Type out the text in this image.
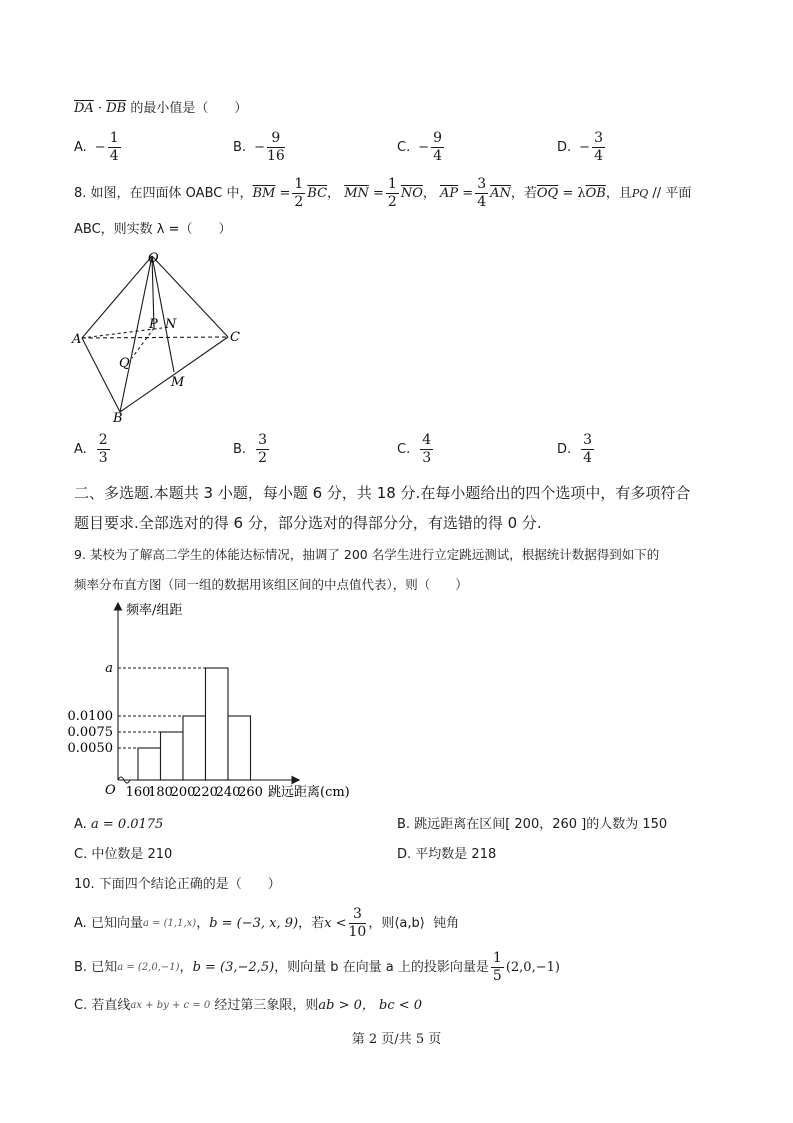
$\overline{DA} \cdot \overline{DB}$ 的最小值是（　　）
A. − $\frac{1}{4}$	B. − $\frac{9}{16}$	C. − $\frac{9}{4}$	D. − $\frac{3}{4}$
8. 如图，在四面体 OABC 中， $\overline{BM} = \frac{1}{2} \overline{BC}$ ， $\overline{MN} = \frac{1}{2} \overline{NO}$ ， $\overline{AP} = \frac{3}{4} \overline{AN}$ ，若 $\overline{OQ}$
= λ $\overline{OB}$ ，且 PQ
// 平面
ABC，则实数 λ =（　　）
O
A	C
B
P N
Q
M
A. $\frac{2}{3}$	B. $\frac{3}{2}$	C. $\frac{4}{3}$	D. $\frac{3}{4}$
二、多选题.本题共 3 小题，每小题 6 分，共 18 分.在每小题给出的四个选项中，有多项符合
题目要求.全部选对的得 6 分，部分选对的得部分分，有选错的得 0 分.
9. 某校为了解高二学生的体能达标情况，抽调了 200 名学生进行立定跳远测试，根据统计数据得到如下的
频率分布直方图（同一组的数据用该组区间的中点值代表），则（　　）
频率/组距
O	跳远距离(cm)
0.0050
0.0075
0.0100
a
160
180
200
220
240
260
A. a = 0.0175	B. 跳远距离在区间[ 200，260 ]的人数为 150
C. 中位数是 210	D. 平均数是 218
10. 下面四个结论正确的是（　　）
A.
已知向量 a = (1,1,x) ， b = (−3, x, 9) ，若 $x < \frac{3}{10}$ ，则⟨a,b⟩
钝角
B.
已知 a = (2,0,−1) ， b = (3,−2,5) ，则向量 b 在向量 a 上的投影向量是 $\frac{1}{5} (2,0,-1)$
C.
若直线 ax + by + c = 0
经过第三象限，则 ab > 0， bc < 0
第 2 页/共 5 页
